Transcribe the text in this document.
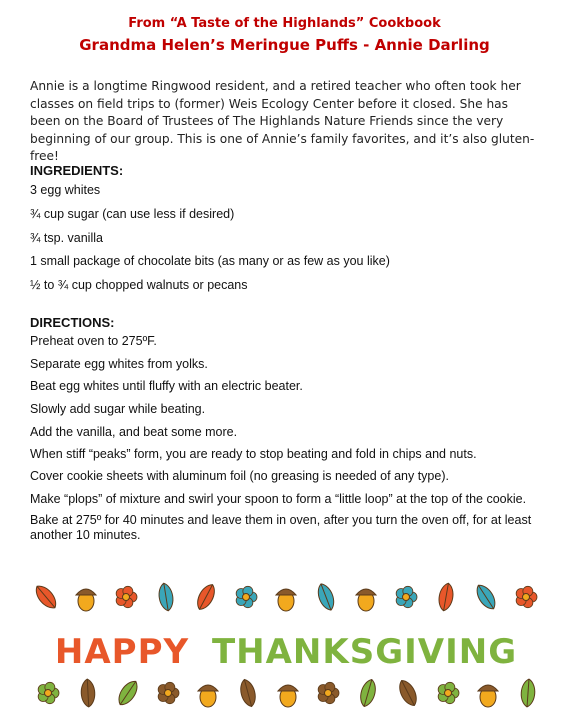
From “A Taste of the Highlands” Cookbook
Grandma Helen’s Meringue Puffs - Annie Darling
Annie is a longtime Ringwood resident, and a retired teacher who often took her classes on field trips to (former) Weis Ecology Center before it closed. She has been on the Board of Trustees of The Highlands Nature Friends since the very beginning of our group. This is one of Annie’s family favorites, and it’s also gluten-free!
INGREDIENTS:
3 egg whites
¾ cup sugar (can use less if desired)
¾ tsp. vanilla
1 small package of chocolate bits (as many or as few as you like)
½ to ¾ cup chopped walnuts or pecans
DIRECTIONS:
Preheat oven to 275ºF.
Separate egg whites from yolks.
Beat egg whites until fluffy with an electric beater.
Slowly add sugar while beating.
Add the vanilla, and beat some more.
When stiff “peaks” form, you are ready to stop beating and fold in chips and nuts.
Cover cookie sheets with aluminum foil (no greasing is needed of any type).
Make “plops” of mixture and swirl your spoon to form a “little loop” at the top of the cookie.
Bake at 275º for 40 minutes and leave them in oven, after you turn the oven off, for at least another 10 minutes.
HAPPY THANKSGIVING
